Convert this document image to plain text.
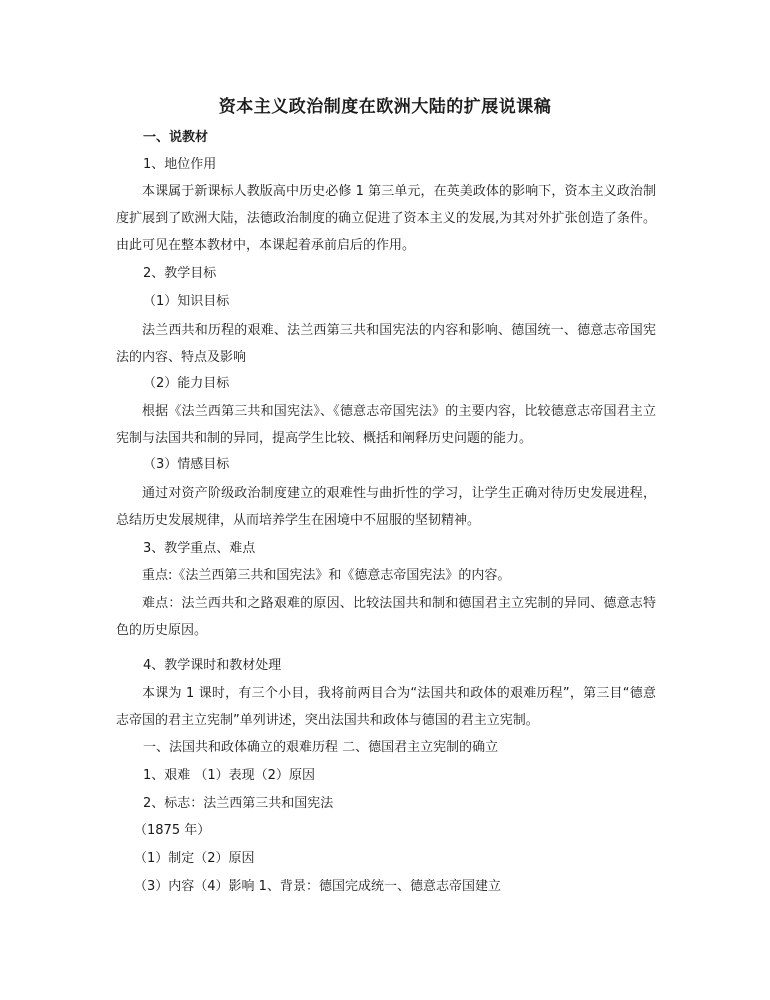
资本主义政治制度在欧洲大陆的扩展说课稿
一、说教材
1、地位作用
本课属于新课标人教版高中历史必修 1 第三单元，在英美政体的影响下，资本主义政治制度扩展到了欧洲大陆，法德政治制度的确立促进了资本主义的发展,为其对外扩张创造了条件。由此可见在整本教材中，本课起着承前启后的作用。
2、教学目标
（1）知识目标
法兰西共和历程的艰难、法兰西第三共和国宪法的内容和影响、德国统一、德意志帝国宪法的内容、特点及影响
（2）能力目标
根据《法兰西第三共和国宪法》、《德意志帝国宪法》的主要内容，比较德意志帝国君主立宪制与法国共和制的异同，提高学生比较、概括和阐释历史问题的能力。
（3）情感目标
通过对资产阶级政治制度建立的艰难性与曲折性的学习，让学生正确对待历史发展进程，总结历史发展规律，从而培养学生在困境中不屈服的坚韧精神。
3、教学重点、难点
重点:《法兰西第三共和国宪法》和《德意志帝国宪法》的内容。
难点：法兰西共和之路艰难的原因、比较法国共和制和德国君主立宪制的异同、德意志特色的历史原因。
4、教学课时和教材处理
本课为 1 课时，有三个小目，我将前两目合为“法国共和政体的艰难历程”，第三目“德意志帝国的君主立宪制”单列讲述，突出法国共和政体与德国的君主立宪制。
一、法国共和政体确立的艰难历程 二、德国君主立宪制的确立
1、艰难 （1）表现（2）原因
2、标志：法兰西第三共和国宪法
（1875 年）
（1）制定（2）原因
（3）内容（4）影响 1、背景：德国完成统一、德意志帝国建立
